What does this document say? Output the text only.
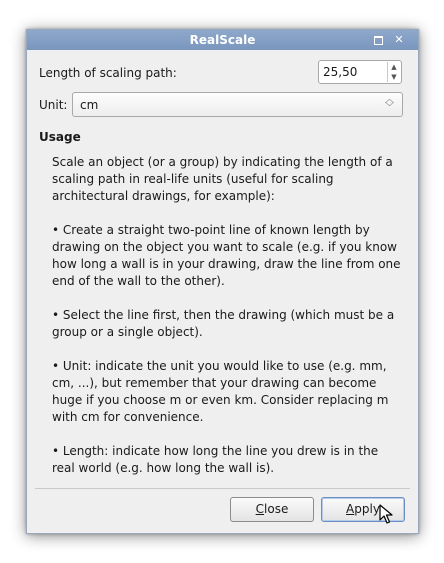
RealScale	✕
Length of scaling path:	25,50	▲
▼
Unit: cm	︿
﹀
Usage

Scale an object (or a group) by indicating the length of a scaling path in real-life units (useful for scaling architectural drawings, for example):

• Create a straight two-point line of known length by drawing on the object you want to scale (e.g. if you know how long a wall is in your drawing, draw the line from one end of the wall to the other).

• Select the line first, then the drawing (which must be a group or a single object).

• Unit: indicate the unit you would like to use (e.g. mm, cm, ...), but remember that your drawing can become huge if you choose m or even km. Consider replacing m with cm for convenience.

• Length: indicate how long the line you drew is in the real world (e.g. how long the wall is).

Close	Apply
